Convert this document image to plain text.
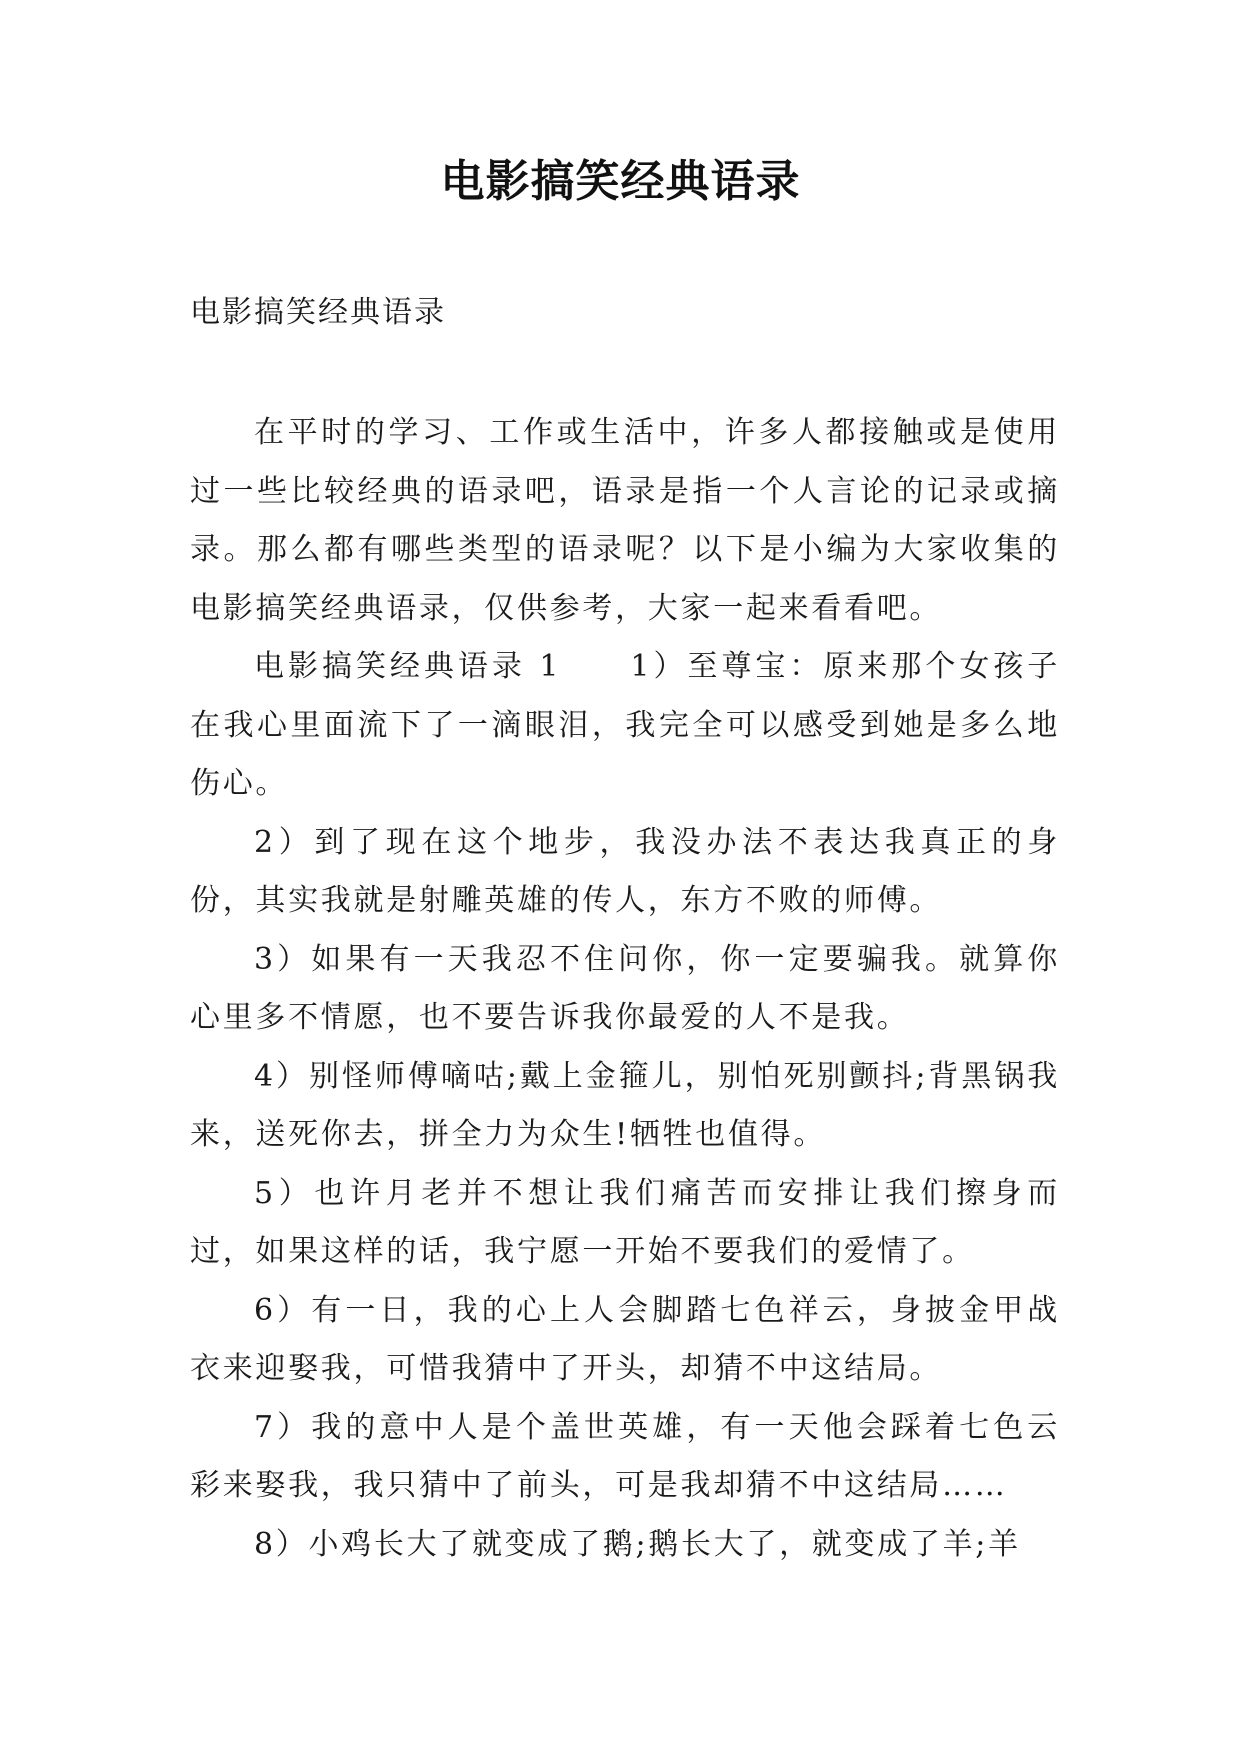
电影搞笑经典语录
电影搞笑经典语录

在平时的学习、工作或生活中，许多人都接触或是使用过一些比较经典的语录吧，语录是指一个人言论的记录或摘录。那么都有哪些类型的语录呢？以下是小编为大家收集的电影搞笑经典语录，仅供参考，大家一起来看看吧。

电影搞笑经典语录 1　　1）至尊宝：原来那个女孩子在我心里面流下了一滴眼泪，我完全可以感受到她是多么地伤心。

2）到了现在这个地步，我没办法不表达我真正的身份，其实我就是射雕英雄的传人，东方不败的师傅。

3）如果有一天我忍不住问你，你一定要骗我。就算你心里多不情愿，也不要告诉我你最爱的人不是我。

4）别怪师傅嘀咕;戴上金箍儿，别怕死别颤抖;背黑锅我来，送死你去，拼全力为众生!牺牲也值得。

5）也许月老并不想让我们痛苦而安排让我们擦身而过，如果这样的话，我宁愿一开始不要我们的爱情了。

6）有一日，我的心上人会脚踏七色祥云，身披金甲战衣来迎娶我，可惜我猜中了开头，却猜不中这结局。

7）我的意中人是个盖世英雄，有一天他会踩着七色云彩来娶我，我只猜中了前头，可是我却猜不中这结局……

8）小鸡长大了就变成了鹅;鹅长大了，就变成了羊;羊
